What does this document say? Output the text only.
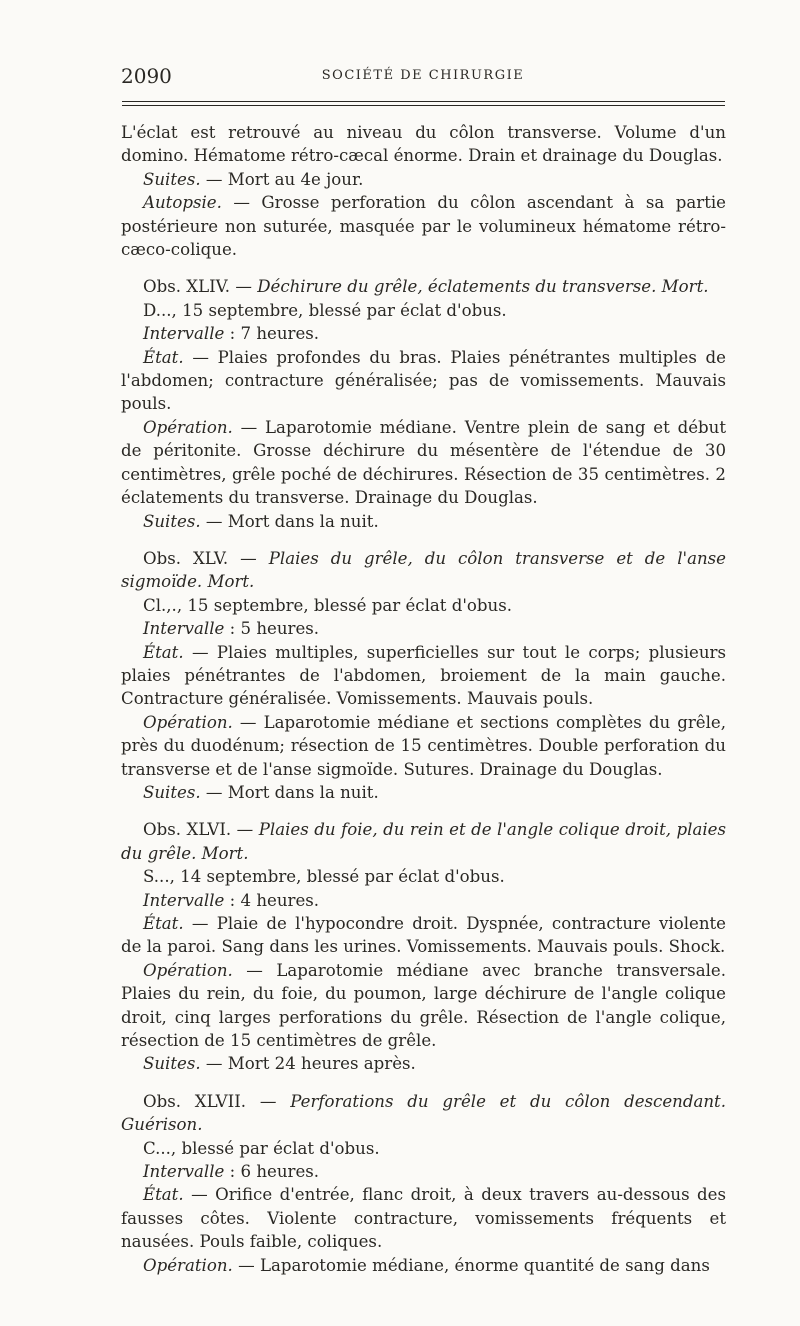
2090	SOCIÉTÉ DE CHIRURGIE

L'éclat est retrouvé au niveau du côlon transverse. Volume d'un domino. Hématome rétro-cæcal énorme. Drain et drainage du Douglas.

Suites. — Mort au 4e jour.

Autopsie. — Grosse perforation du côlon ascendant à sa partie postérieure non suturée, masquée par le volumineux hématome rétro-cæco-colique.

Obs. XLIV. — Déchirure du grêle, éclatements du transverse. Mort.

D..., 15 septembre, blessé par éclat d'obus.

Intervalle : 7 heures.

État. — Plaies profondes du bras. Plaies pénétrantes multiples de l'abdomen; contracture généralisée; pas de vomissements. Mauvais pouls.

Opération. — Laparotomie médiane. Ventre plein de sang et début de péritonite. Grosse déchirure du mésentère de l'étendue de 30 centimètres, grêle poché de déchirures. Résection de 35 centimètres. 2 éclatements du transverse. Drainage du Douglas.

Suites. — Mort dans la nuit.

Obs. XLV. — Plaies du grêle, du côlon transverse et de l'anse sigmoïde. Mort.

Cl.,., 15 septembre, blessé par éclat d'obus.

Intervalle : 5 heures.

État. — Plaies multiples, superficielles sur tout le corps; plusieurs plaies pénétrantes de l'abdomen, broiement de la main gauche. Contracture généralisée. Vomissements. Mauvais pouls.

Opération. — Laparotomie médiane et sections complètes du grêle, près du duodénum; résection de 15 centimètres. Double perforation du transverse et de l'anse sigmoïde. Sutures. Drainage du Douglas.

Suites. — Mort dans la nuit.

Obs. XLVI. — Plaies du foie, du rein et de l'angle colique droit, plaies du grêle. Mort.

S..., 14 septembre, blessé par éclat d'obus.

Intervalle : 4 heures.

État. — Plaie de l'hypocondre droit. Dyspnée, contracture violente de la paroi. Sang dans les urines. Vomissements. Mauvais pouls. Shock.

Opération. — Laparotomie médiane avec branche transversale. Plaies du rein, du foie, du poumon, large déchirure de l'angle colique droit, cinq larges perforations du grêle. Résection de l'angle colique, résection de 15 centimètres de grêle.

Suites. — Mort 24 heures après.

Obs. XLVII. — Perforations du grêle et du côlon descendant. Guérison.

C..., blessé par éclat d'obus.

Intervalle : 6 heures.

État. — Orifice d'entrée, flanc droit, à deux travers au-dessous des fausses côtes. Violente contracture, vomissements fréquents et nausées. Pouls faible, coliques.

Opération. — Laparotomie médiane, énorme quantité de sang dans
